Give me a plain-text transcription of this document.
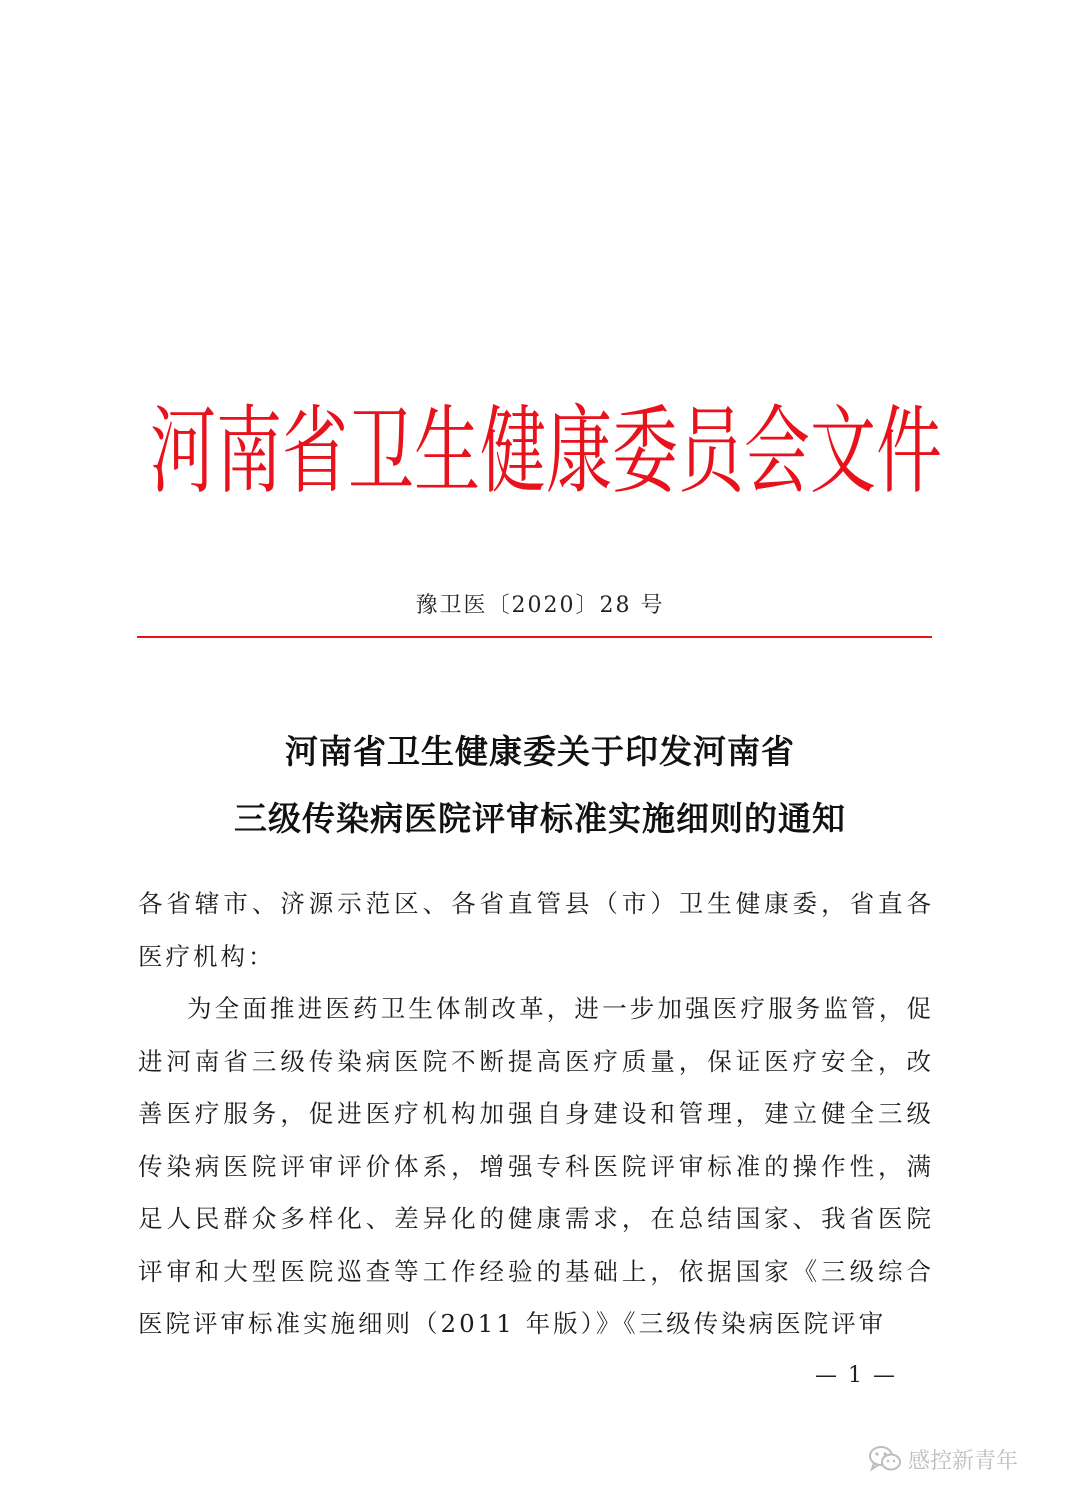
河南省卫生健康委员会文件
豫卫医〔2020〕28 号
河南省卫生健康委关于印发河南省
三级传染病医院评审标准实施细则的通知

各省辖市、济源示范区、各省直管县（市）卫生健康委，省直各医疗机构：

为全面推进医药卫生体制改革，进一步加强医疗服务监管，促进河南省三级传染病医院不断提高医疗质量，保证医疗安全，改善医疗服务，促进医疗机构加强自身建设和管理，建立健全三级传染病医院评审评价体系，增强专科医院评审标准的操作性，满足人民群众多样化、差异化的健康需求，在总结国家、我省医院评审和大型医院巡查等工作经验的基础上，依据国家《三级综合医院评审标准实施细则（2011 年版）》《三级传染病医院评审

— 1 —
感控新青年
